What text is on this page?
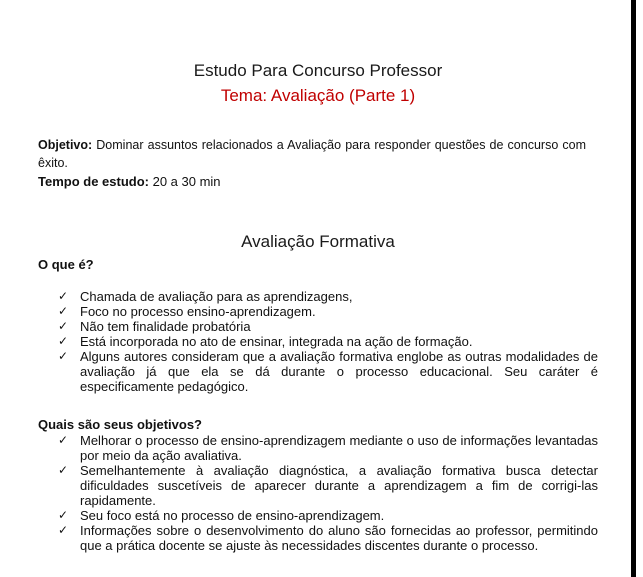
Estudo Para Concurso Professor
Tema: Avaliação (Parte 1)
Objetivo: Dominar assuntos relacionados a Avaliação para responder questões de concurso com êxito.
Tempo de estudo: 20 a 30 min
Avaliação Formativa
O que é?
✓ Chamada de avaliação para as aprendizagens,
✓ Foco no processo ensino-aprendizagem.
✓ Não tem finalidade probatória
✓ Está incorporada no ato de ensinar, integrada na ação de formação.
✓ Alguns autores consideram que a avaliação formativa englobe as outras modalidades de avaliação já que ela se dá durante o processo educacional. Seu caráter é especificamente pedagógico.
Quais são seus objetivos?
✓ Melhorar o processo de ensino-aprendizagem mediante o uso de informações levantadas por meio da ação avaliativa.
✓ Semelhantemente à avaliação diagnóstica, a avaliação formativa busca detectar dificuldades suscetíveis de aparecer durante a aprendizagem a fim de corrigi-las rapidamente.
✓ Seu foco está no processo de ensino-aprendizagem.
✓ Informações sobre o desenvolvimento do aluno são fornecidas ao professor, permitindo que a prática docente se ajuste às necessidades discentes durante o processo.
